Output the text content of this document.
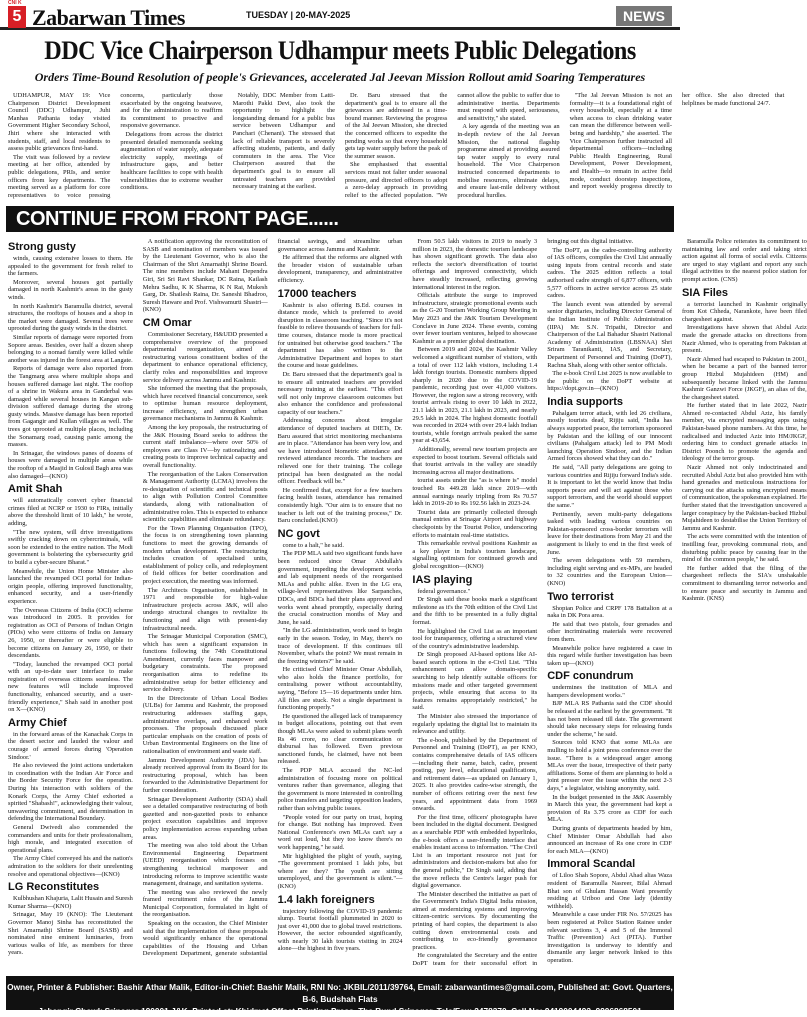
CNI K
5 Zabarwan Times	TUESDAY | 20-MAY-2025	NEWS
DDC Vice Chairperson Udhampur meets Public Delegations
Orders Time-Bound Resolution of people's Grievances, accelerated Jal Jeevan Mission Rollout amid Soaring Temperatures

UDHAMPUR, MAY 19: Vice Chairperson District Development Council (DDC) Udhampur, Juhi Manhas Pathania today visited Government Higher Secondary School, Jhiri where she interacted with students, staff, and local residents to assess public grievances first-hand.

The visit was followed by a review meeting at her office, attended by public delegations, PRIs, and senior officers from key departments. The meeting served as a platform for core representatives to voice pressing concerns, particularly those exacerbated by the ongoing heatwave, and for the administration to reaffirm its commitment to proactive and responsive governance.

Delegations from across the district presented detailed memoranda seeking augmentation of water supply, adequate electricity supply, meetings of infrastructure gaps, and better healthcare facilities to cope with health vulnerabilities due to extreme weather conditions.

Notably, DDC Member from Latti-Marothi Pakki Devi, also took the opportunity to highlight the longstanding demand for a public bus service between Udhampur and Panchari (Chenani). The stressed that lack of reliable transport is severely affecting students, patients, and daily commuters in the area. The Vice Chairperson assured that the department's goal is to ensure all untreated teachers are provided necessary training at the earliest.

Dr. Baru stressed that the department's goal is to ensure all the grievances are addressed in a time-bound manner. Reviewing the progress of the Jal Jeevan Mission, she directed the concerned officers to expedite the pending works so that every household gets tap water supply before the peak of the summer season.

She emphasised that essential services must not falter under seasonal pressure, and directed officers to adopt a zero-delay approach in providing relief to the affected population. "We cannot allow the public to suffer due to administrative inertia. Departments must respond with speed, seriousness, and sensitivity," she stated.

A key agenda of the meeting was an in-depth review of the Jal Jeevan Mission, the national flagship programme aimed at providing assured tap water supply to every rural household. The Vice Chairperson instructed concerned departments to mobilise resources, eliminate delays, and ensure last-mile delivery without procedural hurdles.

"The Jal Jeevan Mission is not an formality—it is a foundational right of every household, especially at a time when access to clean drinking water can mean the difference between well-being and hardship," she asserted. The Vice Chairperson further instructed all departmental officers—including Public Health Engineering, Rural Development, Power Development, and Health—to remain in active field mode, conduct doorstep inspections, and report weekly progress directly to her office. She also directed that helplines be made functional 24/7.

CONTINUE FROM FRONT PAGE......
Strong gusty

winds, causing extensive losses to them. He appealed to the government for fresh relief to the farmers.

Moreover, several houses got partially damaged in north Kashmir's areas in the gusty winds.

In north Kashmir's Baramulla district, several structures, the rooftops of houses and a shop in the market were damaged. Several trees were uprooted during the gusty winds in the district.

Similar reports of damage were reported from Sopore areas. Besides, over half a dozen sheep belonging to a nomad family were killed while another was injured in the forest area at Langate.

Reports of damage were also reported from the Tangmarg area where multiple shops and houses suffered damage last night. The rooftop of a shrine in Wakura area in Ganderbal was damaged while several houses in Kangan sub-division suffered damage during the strong gusty winds. Massive damage has been reported from Gagangir and Kullan villages as well. The trees got uprooted at multiple places, including the Sonamarg road, causing panic among the masses.

In Srinagar, the windows panes of dozens of houses were damaged in multiple areas while the rooftop of a Masjid in Gulosil Bagh area was also damaged—(KNO)

Amit Shah

will automatically convert cyber financial crimes filed at NCRP or 1930 to FIRs, initially above the threshold limit of 10 lakh," he wrote, adding,

"The new system, will drive investigations swiftly cracking down on cybercriminals, will soon be extended to the entire nation. The Modi government is bolstering the cybersecurity grid to build a cyber-secure Bharat."

Meanwhile, the Union Home Minister also launched the revamped OCI portal for Indian-origin people, offering improved functionality, enhanced security, and a user-friendly experience.

The Overseas Citizens of India (OCI) scheme was introduced in 2005. It provides for registration as OCI of Persons of Indian Origin (PIOs) who were citizens of India on January 26, 1950, or thereafter or were eligible to become citizens on January 26, 1950, or their descendants.

"Today, launched the revamped OCI portal with an up-to-date user interface to make registration of overseas citizens seamless. The new features will include improved functionality, enhanced security, and a user-friendly experience," Shah said in another post on X—(KNO)

Army Chief

in the forward areas of the Kanachak Corps in the desert sector and lauded the valour and courage of armed forces during 'Operation Sindoor.'

He also reviewed the joint actions undertaken in coordination with the Indian Air Force and the Border Security Force for the operation. During his interaction with soldiers of the Konark Corps, the Army Chief exhorted a spirited "Shabash!", acknowledging their valour, unwavering commitment, and determination in defending the International Boundary.

General Dwivedi also commended the commanders and units for their professionalism, high morale, and integrated execution of operational plans.

The Army Chief conveyed his and the nation's admiration to the soldiers for their unrelenting resolve and operational objectives—(KNO)

LG Reconstitutes

Kulbhushan Khajuria, Lalit Husain and Suresh Kumar Sharma—(KNO)

Srinagar, May 19 (KNO): The Lieutenant Governor Manoj Sinha has reconstituted the Shri Amarnathji Shrine Board (SASB) and nominated nine eminent luminaries, from various walks of life, as members for three years.

A notification approving the reconstitution of SASB and nomination of members was issued by the Lieutenant Governor, who is also the Chairman of the Shri Amarnathji Shrine Board. The nine members include Mahant Dependra Giri, Sri Sri Ravi Shankar, DC Raina, Kailash Mehra Sadhu, K K Sharma, K N Rai, Mukesh Garg, Dr. Shailesh Raina, Dr. Saneshi Bhadroo, Suresh Haware and Prof. Vishwamurti Shastri—(KNO)

CM Omar

Commissioner Secretary, H&UDD presented a comprehensive overview of the proposed departmental reorganization, aimed at restructuring various constituent bodies of the department to enhance operational efficiency, clarify roles and responsibilities and improve service delivery across Jammu and Kashmir.

She informed the meeting that the proposals, which have received financial concurrence, seek to optimise human resource deployment, increase efficiency, and strengthen urban governance mechanisms in Jammu & Kashmir.

Among the key proposals, the restructuring of the J&K Housing Board seeks to address the current staff imbalance—where over 50% of employees are Class IV—by rationalizing and creating posts to improve technical capacity and overall functionality.

The reorganisation of the Lakes Conservation & Management Authority (LCMA) involves the re-designation of scientific and technical posts to align with Pollution Control Committee standards, along with rationalisation of administrative roles. This is expected to enhance scientific capabilities and eliminate redundancy.

For the Town Planning Organisation (TPO), the focus is on strengthening town planning functions to meet the growing demands of modern urban development. The restructuring includes creation of specialised units, establishment of policy cells, and redeployment of field offices for better coordination and project execution, the meeting was informed.

The Architects Organisation, established in 1971 and responsible for high-value infrastructure projects across J&K, will also undergo structural changes to revitalize its functioning and align with present-day infrastructural needs.

The Srinagar Municipal Corporation (SMC), which has seen a significant expansion in functions following the 74th Constitutional Amendment, currently faces manpower and budgetary constraints. The proposed reorganisation aims to redefine its administrative setup for better efficiency and service delivery.

In the Directorate of Urban Local Bodies (ULBs) for Jammu and Kashmir, the proposed restructuring addresses staffing gaps, administrative overlaps, and enhanced work processes. The proposals discussed place particular emphasis on the creation of posts of Urban Environmental Engineers on the line of rationalisation of environment and waste staff.

Jammu Development Authority (JDA) has already received approval from its Board for its restructuring proposal, which has been forwarded to the Administrative Department for further consideration.

Srinagar Development Authority (SDA) shall see a detailed comparative restructuring of both gazetted and non-gazetted posts to enhance project execution capabilities and improve policy implementation across expanding urban areas.

The meeting was also told about the Urban Environmental Engineering Department (UEED) reorganisation which focuses on strengthening technical manpower and introducing reforms to improve scientific waste management, drainage, and sanitation systems.

The meeting was also reviewed the newly framed recruitment rules of the Jammu Municipal Corporation, formulated in light of the reorganisation.

Speaking on the occasion, the Chief Minister said that the implementation of these proposals would significantly enhance the operational capabilities of the Housing and Urban Development Department, generate substantial financial savings, and streamline urban governance across Jammu and Kashmir.

He affirmed that the reforms are aligned with the broader vision of sustainable urban development, transparency, and administrative efficiency.

17000 teachers

Kashmir is also offering B.Ed. courses in distance mode, which is preferred to avoid disruption in classroom teaching. "Since it's not feasible to relieve thousands of teachers for full-time courses, distance mode is more practical for untrained but otherwise good teachers." The department has also written to the Administrative Department and hopes to start the course and issue guidelines.

Dr. Baru stressed that the department's goal is to ensure all untreated teachers are provided necessary training at the earliest. "This effort will not only improve classroom outcomes but also enhance the confidence and professional capacity of our teachers."

Addressing concerns about irregular attendance of deputed teachers at DIETs, Dr. Baru assured that strict monitoring mechanisms are in place. "Attendance has been very low, and we have introduced biometric attendance and reviewed attendance records. The teachers are relieved one for their training. The college principal has been designated as the nodal officer. Feedback will be."

He confirmed that, except for a few teachers facing health issues, attendance has remained consistently high. "Our aim is to ensure that no teacher is left out of the training process," Dr. Baru concluded.(KNO)

NC govt

come to a halt," he said.

The PDP MLA said two significant funds have been reduced since Omar Abdullah's government, impeding the development works and lab equipment needs of the reorganised MLAs and public alike. Even in the LG era, village-level representatives like Sarpanches, DDCs, and BDCs had their plans approved and works went ahead promptly, especially during the crucial construction months of May and June, he said.

"In the LG administration, work used to begin early in the season. Today, in May, there's no trace of development. If this continues till November, what's the point? We must remain in the freezing winters?" he said.

He criticised Chief Minister Omar Abdullah, who also holds the finance portfolio, for centralising power without accountability, saying, "Before 15—16 departments under him. All files are stuck. Not a single department is functioning properly."

He questioned the alleged lack of transparency in budget allocations, pointing out that even though MLAs were asked to submit plans worth Rs 46 crore, no clear communication or disbursal has followed. Even previous sanctioned funds, he claimed, have not been released.

The PDP MLA accused the NC-led administration of focusing more on political ventures rather than governance, alleging that the government is more interested in controlling police transfers and targeting opposition leaders, rather than solving public issues.

"People voted for our party on trust, hoping for change. But nothing has improved. Even National Conference's own MLAs can't say a word out loud, but they too know there's no work happening," he said.

Mir highlighted the plight of youth, saying, "The government promised 1 lakh jobs, but where are they? The youth are sitting unemployed, and the government is silent."—(KNO)

1.4 lakh foreigners

trajectory following the COVID-19 pandemic slump. Tourist footfall plummeted in 2020 to just over 41,000 due to global travel restrictions. However, the sector rebounded significantly, with nearly 30 lakh tourists visiting in 2024 alone—the highest in five years.

From 50.5 lakh visitors in 2019 to nearly 3 million in 2023, the domestic tourism landscape has shown significant growth. The data also reflects the sector's diversification of tourist offerings and improved connectivity, which have steadily increased, reflecting growing international interest in the region.

Officials attribute the surge to improved infrastructure, strategic promotional events such as the G-20 Tourism Working Group Meeting in May 2023 and the J&K Tourism Development Conclave in June 2024. These events, coming over fewer tourism ventures, helped to showcase Kashmir as a premier global destination.

Between 2019 and 2024, the Kashmir Valley welcomed a significant number of visitors, with a total of over 112 lakh visitors, including 1.4 lakh foreign tourists. Domestic numbers dipped sharply in 2020 due to the COVID-19 pandemic, recording just over 41,000 visitors. However, the region saw a strong recovery, with tourist arrivals rising to over 10 lakh in 2022, 21.1 lakh in 2023, 21.1 lakh in 2023, and nearly 29.5 lakh in 2024. The highest domestic footfall was recorded in 2024 with over 29.4 lakh Indian tourists, while foreign arrivals peaked the same year at 43,654.

Additionally, several new tourism projects are expected to boost tourism. Several officials said that tourist arrivals in the valley are steadily increasing across all major destinations.

tourist assets under the "as is where is" model touched Rs 449.28 lakh since 2019—with annual earnings nearly tripling from Rs 70.57 lakh in 2019-20 to Rs 192.56 lakh in 2023-24.

Tourist data are primarily collected through manual entries at Srinagar Airport and highway checkpoints by the Tourist Police, underscoring efforts to maintain real-time statistics.

This remarkable revival positions Kashmir as a key player in India's tourism landscape, signalling optimism for continued growth and global recognition—(KNO)

IAS playing

federal governance."

Dr Singh said these books mark a significant milestone as it's the 70th edition of the Civil List and the fifth to be presented in a fully digital format.

He highlighted the Civil List as an important tool for transparency, offering a structured view of the country's administrative leadership.

Dr Singh proposed AI-based options like AI-based search options in the e-Civil List. "This enhancement can allow domain-specific searching to help identify suitable officers for missions made and other targeted government projects, while ensuring that access to its features remains appropriately restricted," he said.

The Minister also stressed the importance of regularly updating the digital list to maintain its relevance and utility.

The e-book, published by the Department of Personnel and Training (DoPT), as per KNO, contains comprehensive details of IAS officers—including their name, batch, cadre, present posting, pay level, educational qualifications, and retirement dates—as updated on January 1, 2025. It also provides cadre-wise strength, the number of officers retiring over the next few years, and appointment data from 1969 onwards.

For the first time, officers' photographs have been included in the digital document. Designed as a searchable PDF with embedded hyperlinks, the e-book offers a user-friendly interface that enables instant access to information. "The Civil List is an important resource not just for administrators and decision-makers but also for the general public," Dr Singh said, adding that the move reflects the Centre's larger push for digital governance.

The Minister described the initiative as part of the Government's India's Digital India mission, aimed at modernizing systems and improving citizen-centric services. By documenting the printing of hard copies, the department is also cutting down environmental costs and contributing to eco-friendly governance practices.

He congratulated the Secretary and the entire DoPT team for their successful effort in bringing out this digital initiative.

The DoPT, as the cadre-controlling authority of IAS officers, compiles the Civil List annually using inputs from central records and state cadres. The 2025 edition reflects a total authorised cadre strength of 6,877 officers, with 5,577 officers in active service across 25 state cadres.

The launch event was attended by several senior dignitaries, including Director General of the Indian Institute of Public Administration (IIPA) Mr. S.N. Tripathi, Director and Chairperson of the Lal Bahadur Shastri National Academy of Administration (LBSNAA) Shri Sriram Taranikanti, IAS, and Secretary, Department of Personnel and Training (DoPT), Rachna Shah, along with other senior officials.

The e-book Civil List 2025 is now available to the public on the DoPT website at https://dopt.gov.in—(KNO)

India supports

Pahalgam terror attack, with led 26 civilians, mostly tourists dead, Rijiju said, "India has always supported peace, the terrorism sponsored by Pakistan and the killing of our innocent civilians (Pahalgam attack) led to PM Modi launching Operation Sindoor, and the Indian Armed forces showed what they can do."

He said, "All party delegations are going to various countries and Rijiju forward India's side. It is important to let the world know that India supports peace and will act against those who support terrorism, and the world should support the same."

Pertinently, seven multi-party delegations tasked with leading various countries on Pakistan-sponsored cross-border terrorism will leave for their destinations from May 21 and the assignment is likely to end in the first week of June.

The seven delegations with 59 members, including eight serving and ex-MPs, are headed to 32 countries and the European Union—(KNO)

Two terrorist

Shopian Police and CRPF 178 Battalion at a naka in DK Pora area.

He said that two pistols, four grenades and other incriminating materials were recovered from them.

Meanwhile police have registered a case in this regard while further investigation has been taken up—(KNO)

CDF conundrum

undermines the institution of MLA and hampers development works."

BJP MLA RS Pathania said the CDF should be released at the earliest by the government. "It has not been released till date. The government should take necessary steps for releasing funds under the scheme," he said.

Sources told KNO that some MLAs are mulling to hold a joint press conference over the issue. "There is a widespread anger among MLAs over the issue, irrespective of their party affiliations. Some of them are planning to hold a joint presser over the issue within the next 2-3 days," a legislator, wishing anonymity, said.

In the budget presented in the J&K Assembly in March this year, the government had kept a provision of Rs 3.75 crore as CDF for each MLA.

During grants of departments headed by him, Chief Minister Omar Abdullah had also announced an increase of Rs one crore in CDF for each MLA—(KNO)

Immoral Scandal

of Liloo Shah Sopore, Abdul Ahad alias Waza resident of Baramulla Nasreer, Bilal Ahmad Bhat son of Ghulam Hassan Wani presently residing at Uriboo and One lady (identity withheld).

Meanwhile a case under FIR No. 57/2025 has been registered at Police Station Rainee under relevant sections 3, 4 and 5 of the Immoral Traffic (Prevention) Act (PITA). Further investigation is underway to identify and dismantle any larger network linked to this operation.

Baramulla Police reiterates its commitment to maintaining law and order and taking strict action against all forms of social evils. Citizens are urged to stay vigilant and report any such illegal activities to the nearest police station for prompt action. (CNS)

SIA Files

a terrorist launched in Kashmir originally from Kot Chheda, Narankote, have been filed chargesheet against.

Investigations have shown that Abdul Aziz made the grenade attacks on directions from Nazir Ahmed, who is operating from Pakistan at present.

Nazir Ahmed had escaped to Pakistan in 2001, when he became a part of the banned terror group Hizbul Mujahideen (HM) and subsequently became linked with the Jammu Kashmir Ganzwi Force (JKGF), an alias of the, the chargesheet stated.

He further stated that in late 2022, Nazir Ahmed re-contacted Abdul Aziz, his family member, via encrypted messaging apps using Pakistan-based phone numbers. At this time, he radicalised and inducted Aziz into HM/JKGF, ordering him to conduct grenade attacks in District Poonch to promote the agenda and ideology of the terror group.

Nazir Ahmed not only indoctrinated and recruited Abdul Aziz but also provided him with hand grenades and meticulous instructions for carrying out the attacks using encrypted means of communication, the spokesman explained. He further stated that the investigation uncovered a larger conspiracy by the Pakistan-backed Hizbul Mujahideen to destabilise the Union Territory of Jammu and Kashmir.

The acts were committed with the intention of instilling fear, provoking communal riots, and disturbing public peace by causing fear in the mind of the common people," he said.

He further added that the filing of the chargesheet reflects the SIA's unshakable commitment to dismantling terror networks and to ensure peace and security in Jammu and Kashmir. (KNS)

Owner, Printer & Publisher: Bashir Athar Malik, Editor-in-Chief: Bashir Malik, RNI No: JKBIL/2011/39764, Email: zabarwantimes@gmail.com, Published at: Govt. Quarters, B-6, Budshah Flats
Jahangir Chowk Srinagar-190001 J&K, Printed at: Khidmat Offset Printing Press, The Bund Srinagar, Tele/Fax: 2478370, Cell No: 9419004492, 9906868501
